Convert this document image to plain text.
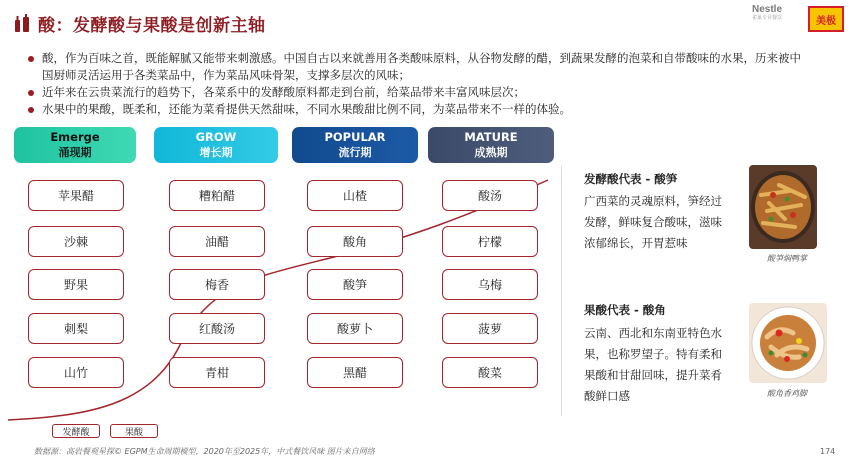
酸：发酵酸与果酸是创新主轴
Nestle
雀巢专业餐饮	美极
酸，作为百味之首，既能解腻又能带来刺激感。中国自古以来就善用各类酸味原料，从谷物发酵的醋，到蔬果发酵的泡菜和自带酸味的水果，历来被中国厨师灵活运用于各类菜品中，作为菜品风味骨架，支撑多层次的风味；
近年来在云贵菜流行的趋势下，各菜系中的发酵酸原料都走到台前，给菜品带来丰富风味层次；
水果中的果酸，既柔和，还能为菜肴提供天然甜味，不同水果酸甜比例不同，为菜品带来不一样的体验。
Emerge
涌现期
GROW
增长期
POPULAR
流行期
MATURE
成熟期
苹果醋
沙棘
野果
刺梨
山竹
糟粕醋
油醋
梅香
红酸汤
青柑
山楂
酸角
酸笋
酸萝卜
黑醋
酸汤
柠檬
乌梅
菠萝
酸菜
发酵酸代表 - 酸笋
广西菜的灵魂原料，笋经过
发酵，鲜味复合酸味，滋味
浓郁绵长，开胃惹味
酸笋焖鸭掌
果酸代表 - 酸角
云南、西北和东南亚特色水
果，也称罗望子。特有柔和
果酸和甘甜回味，提升菜肴
酸鲜口感	酸角香鸡脚
发酵酸	果酸
数据源：高岩餐观星探© EGPM生命周期模型，2020年至2025年，中式餐饮风味 图片来自网络	174
